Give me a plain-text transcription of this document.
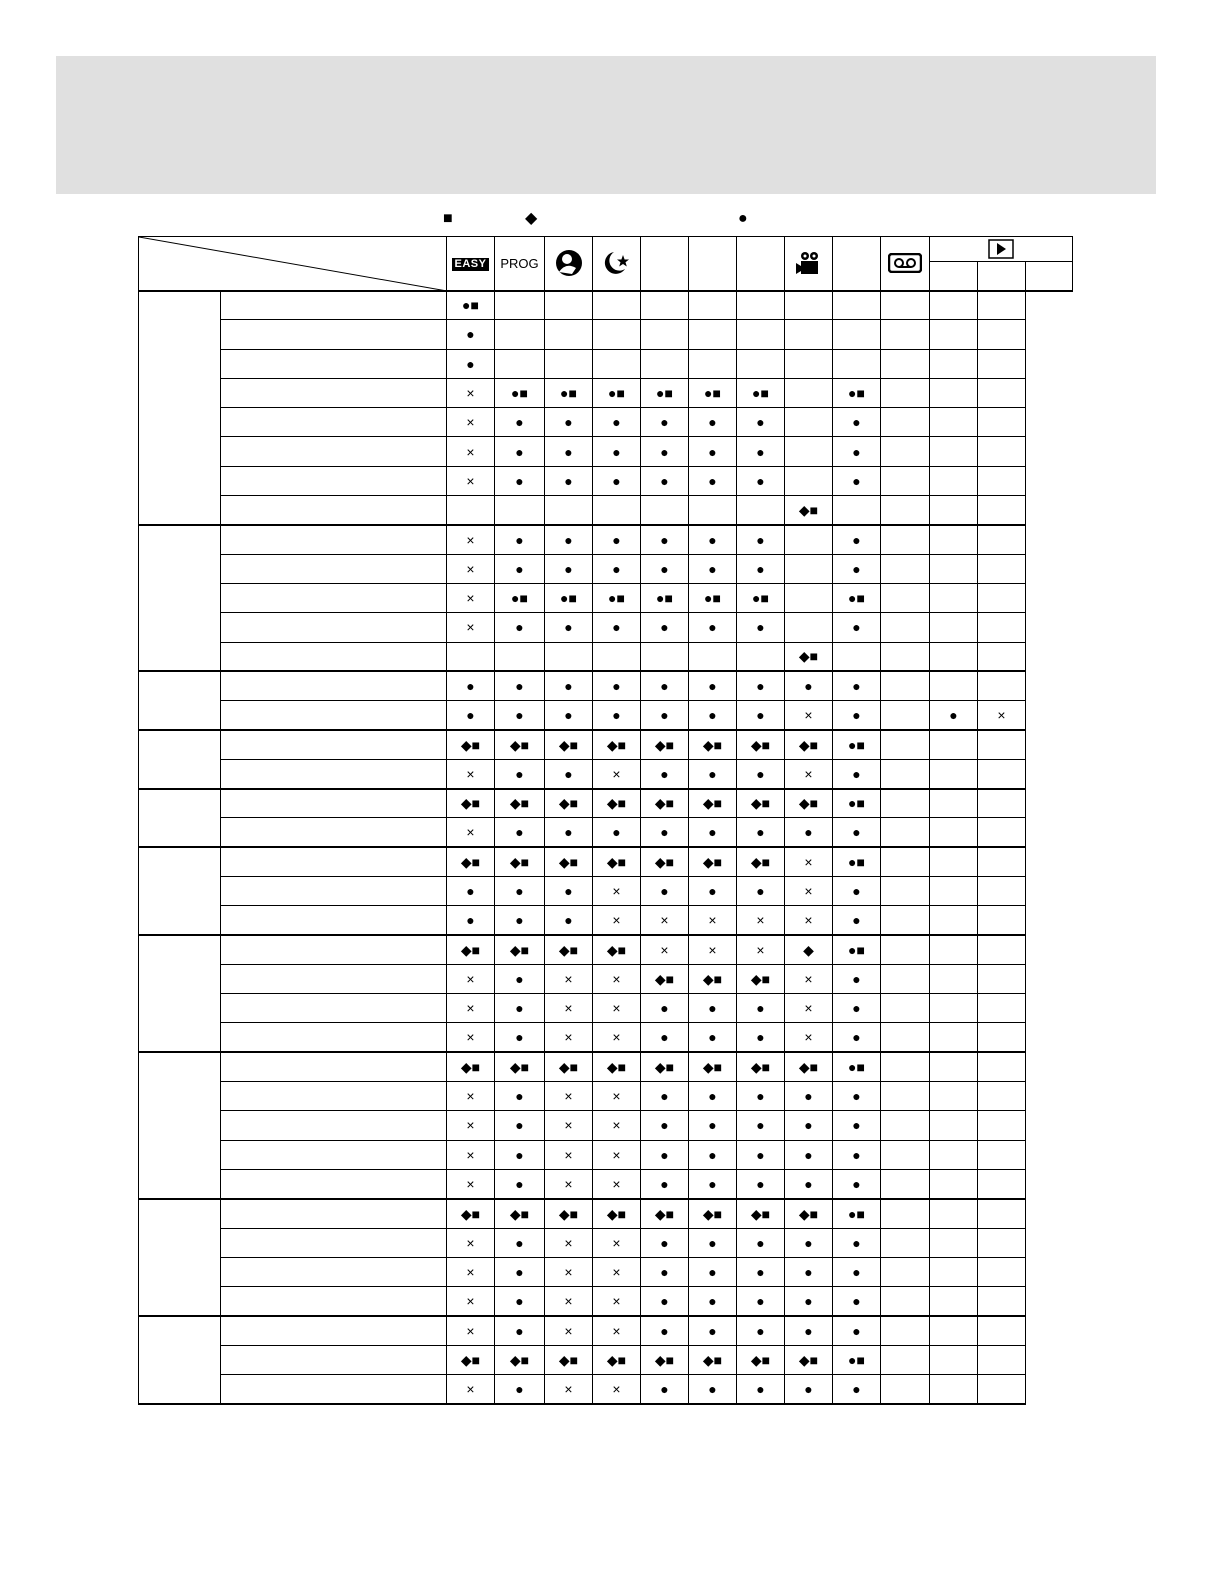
■	◆	●
	EASY	PROG									

		●■												
		●												
		●												
		×	●■	●■	●■	●■	●■	●■		●■				
		×	●	●	●	●	●	●		●				
		×	●	●	●	●	●	●		●				
		×	●	●	●	●	●	●		●				
									◆■					
		×	●	●	●	●	●	●		●				
		×	●	●	●	●	●	●		●				
		×	●■	●■	●■	●■	●■	●■		●■				
		×	●	●	●	●	●	●		●				
									◆■					
		●	●	●	●	●	●	●	●	●				
		●	●	●	●	●	●	●	×	●		●	×	
		◆■	◆■	◆■	◆■	◆■	◆■	◆■	◆■	●■				
		×	●	●	×	●	●	●	×	●				
		◆■	◆■	◆■	◆■	◆■	◆■	◆■	◆■	●■				
		×	●	●	●	●	●	●	●	●				
		◆■	◆■	◆■	◆■	◆■	◆■	◆■	×	●■				
		●	●	●	×	●	●	●	×	●				
		●	●	●	×	×	×	×	×	●				
		◆■	◆■	◆■	◆■	×	×	×	◆	●■				
		×	●	×	×	◆■	◆■	◆■	×	●				
		×	●	×	×	●	●	●	×	●				
		×	●	×	×	●	●	●	×	●				
		◆■	◆■	◆■	◆■	◆■	◆■	◆■	◆■	●■				
		×	●	×	×	●	●	●	●	●				
		×	●	×	×	●	●	●	●	●				
		×	●	×	×	●	●	●	●	●				
		×	●	×	×	●	●	●	●	●				
		◆■	◆■	◆■	◆■	◆■	◆■	◆■	◆■	●■				
		×	●	×	×	●	●	●	●	●				
		×	●	×	×	●	●	●	●	●				
		×	●	×	×	●	●	●	●	●				
		×	●	×	×	●	●	●	●	●				
		◆■	◆■	◆■	◆■	◆■	◆■	◆■	◆■	●■				
		×	●	×	×	●	●	●	●	●				
